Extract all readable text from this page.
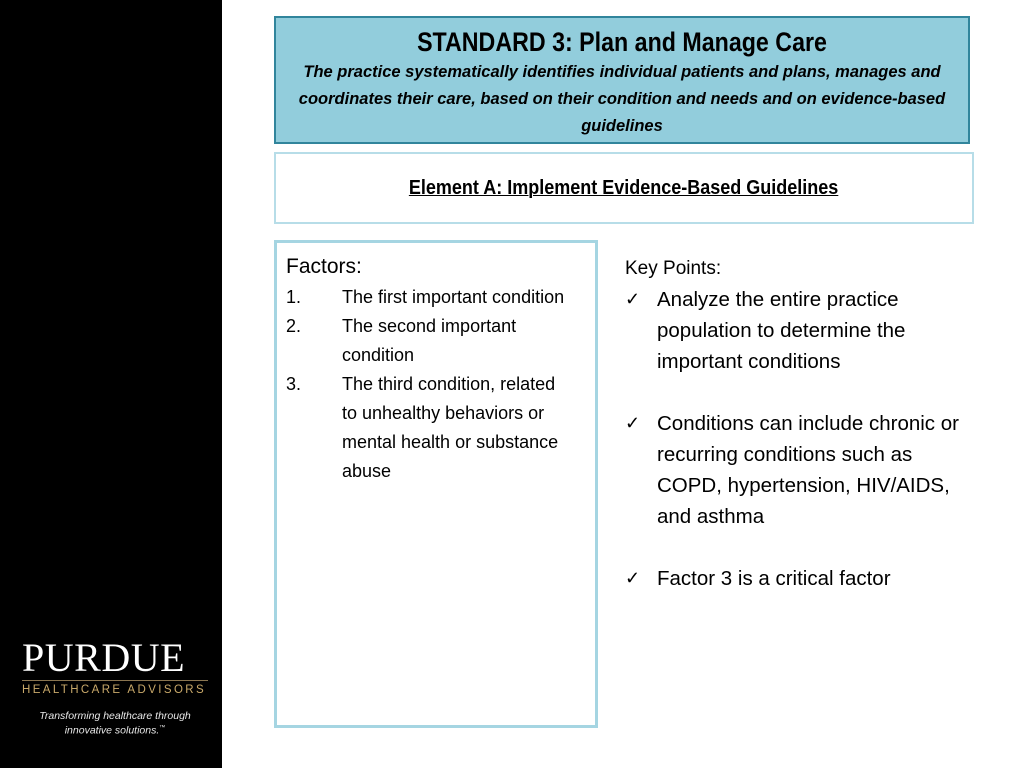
PURDUE
HEALTHCARE ADVISORS
Transforming healthcare through
innovative solutions.™
STANDARD 3: Plan and Manage Care
The practice systematically identifies individual patients and plans, manages and coordinates their care, based on their condition and needs and on evidence-based guidelines
Element A: Implement Evidence-Based Guidelines
Factors:
1.	The first important condition
2.	The second important condition
3.	The third condition, related to unhealthy behaviors or mental health or substance abuse
Key Points:
✓ Analyze the entire practice population to determine the important conditions
✓ Conditions can include chronic or recurring conditions such as COPD, hypertension, HIV/AIDS, and asthma
✓ Factor 3 is a critical factor
